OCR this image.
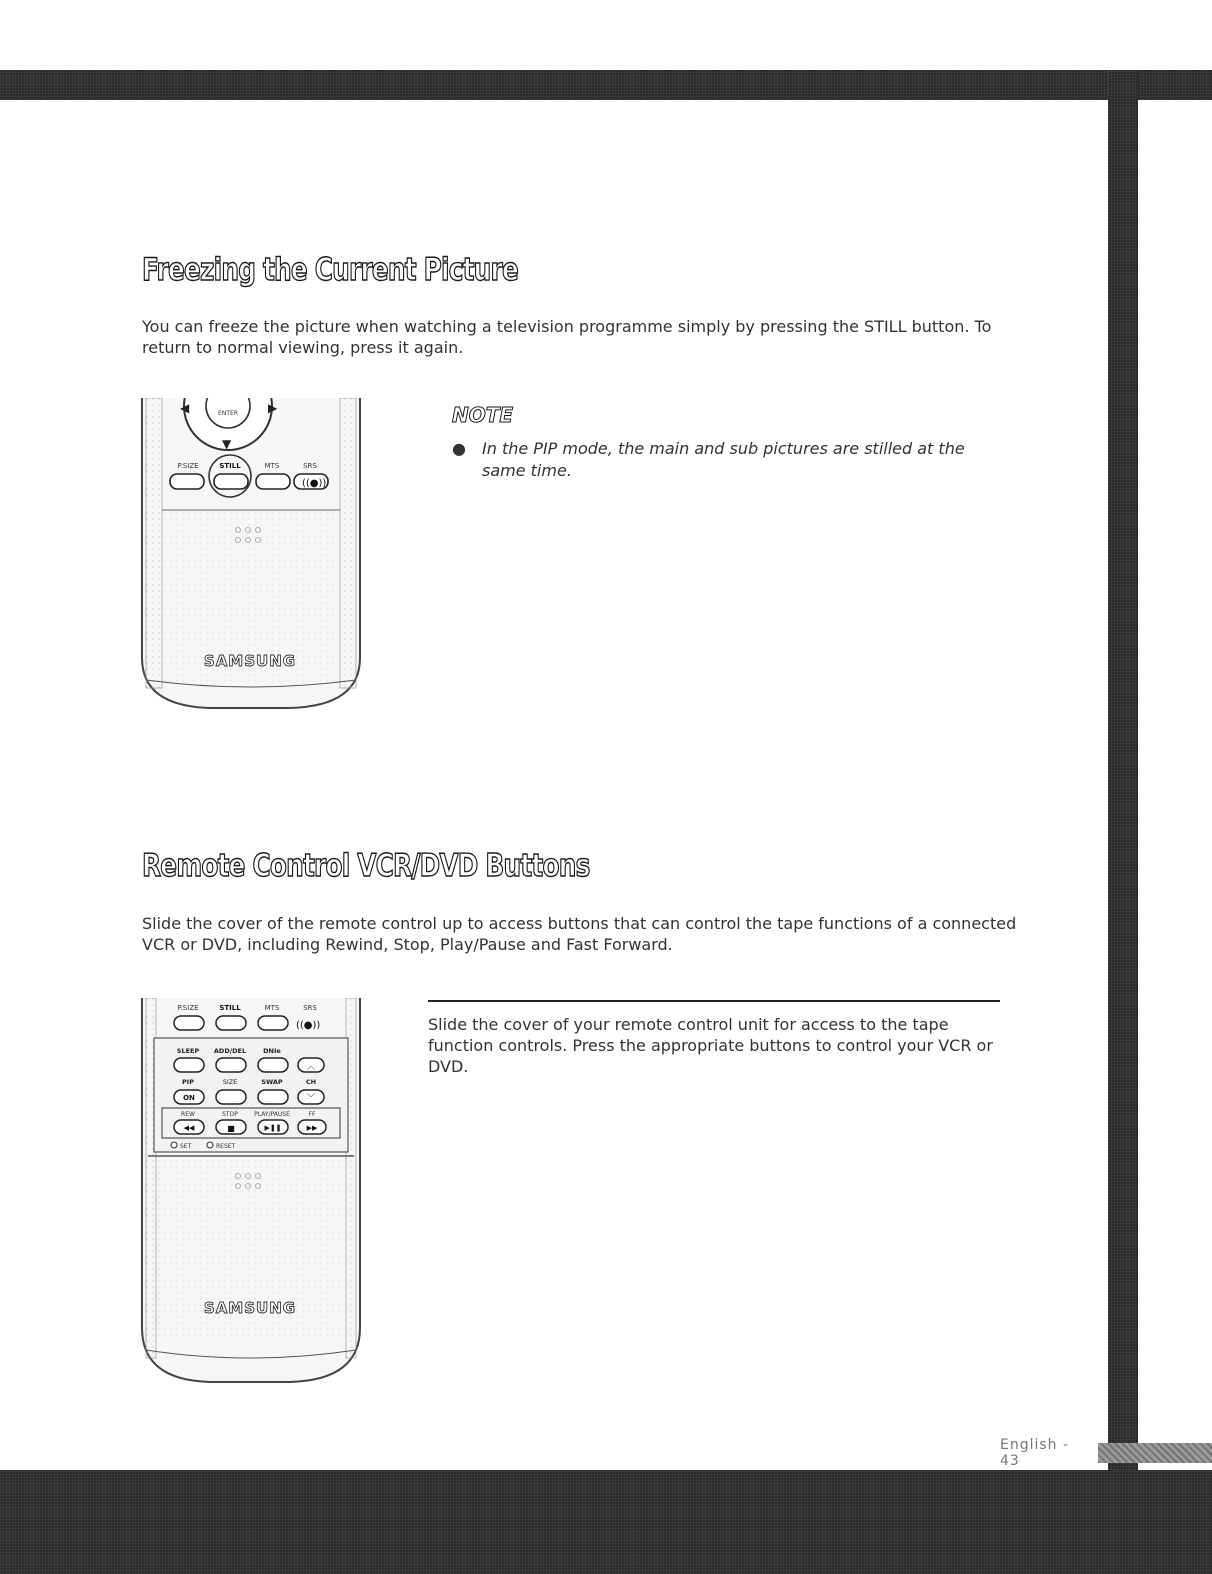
Freezing the Current Picture

You can freeze the picture when watching a television programme simply by pressing the STILL button. To return to normal viewing, press it again.

ENTER
◀	▶
▼
P.SIZE	STILL	MTS	SRS
((●))
SAMSUNG
NOTE
● In the PIP mode, the main and sub pictures are stilled at the same time.
Remote Control VCR/DVD Buttons

Slide the cover of the remote control up to access buttons that can control the tape functions of a connected VCR or DVD, including Rewind, Stop, Play/Pause and Fast Forward.

P.SIZE	STILL	MTS	SRS
((●))
SLEEP ADD/DEL	DNIe
︿
PIP	SIZE	SWAP	CH
ON	﹀
REW	STOP	PLAY/PAUSE	FF
◀◀	■	▶❚❚	▶▶
SET	RESET
SAMSUNG

Slide the cover of your remote control unit for access to the tape function controls. Press the appropriate buttons to control your VCR or DVD.

English - 43
